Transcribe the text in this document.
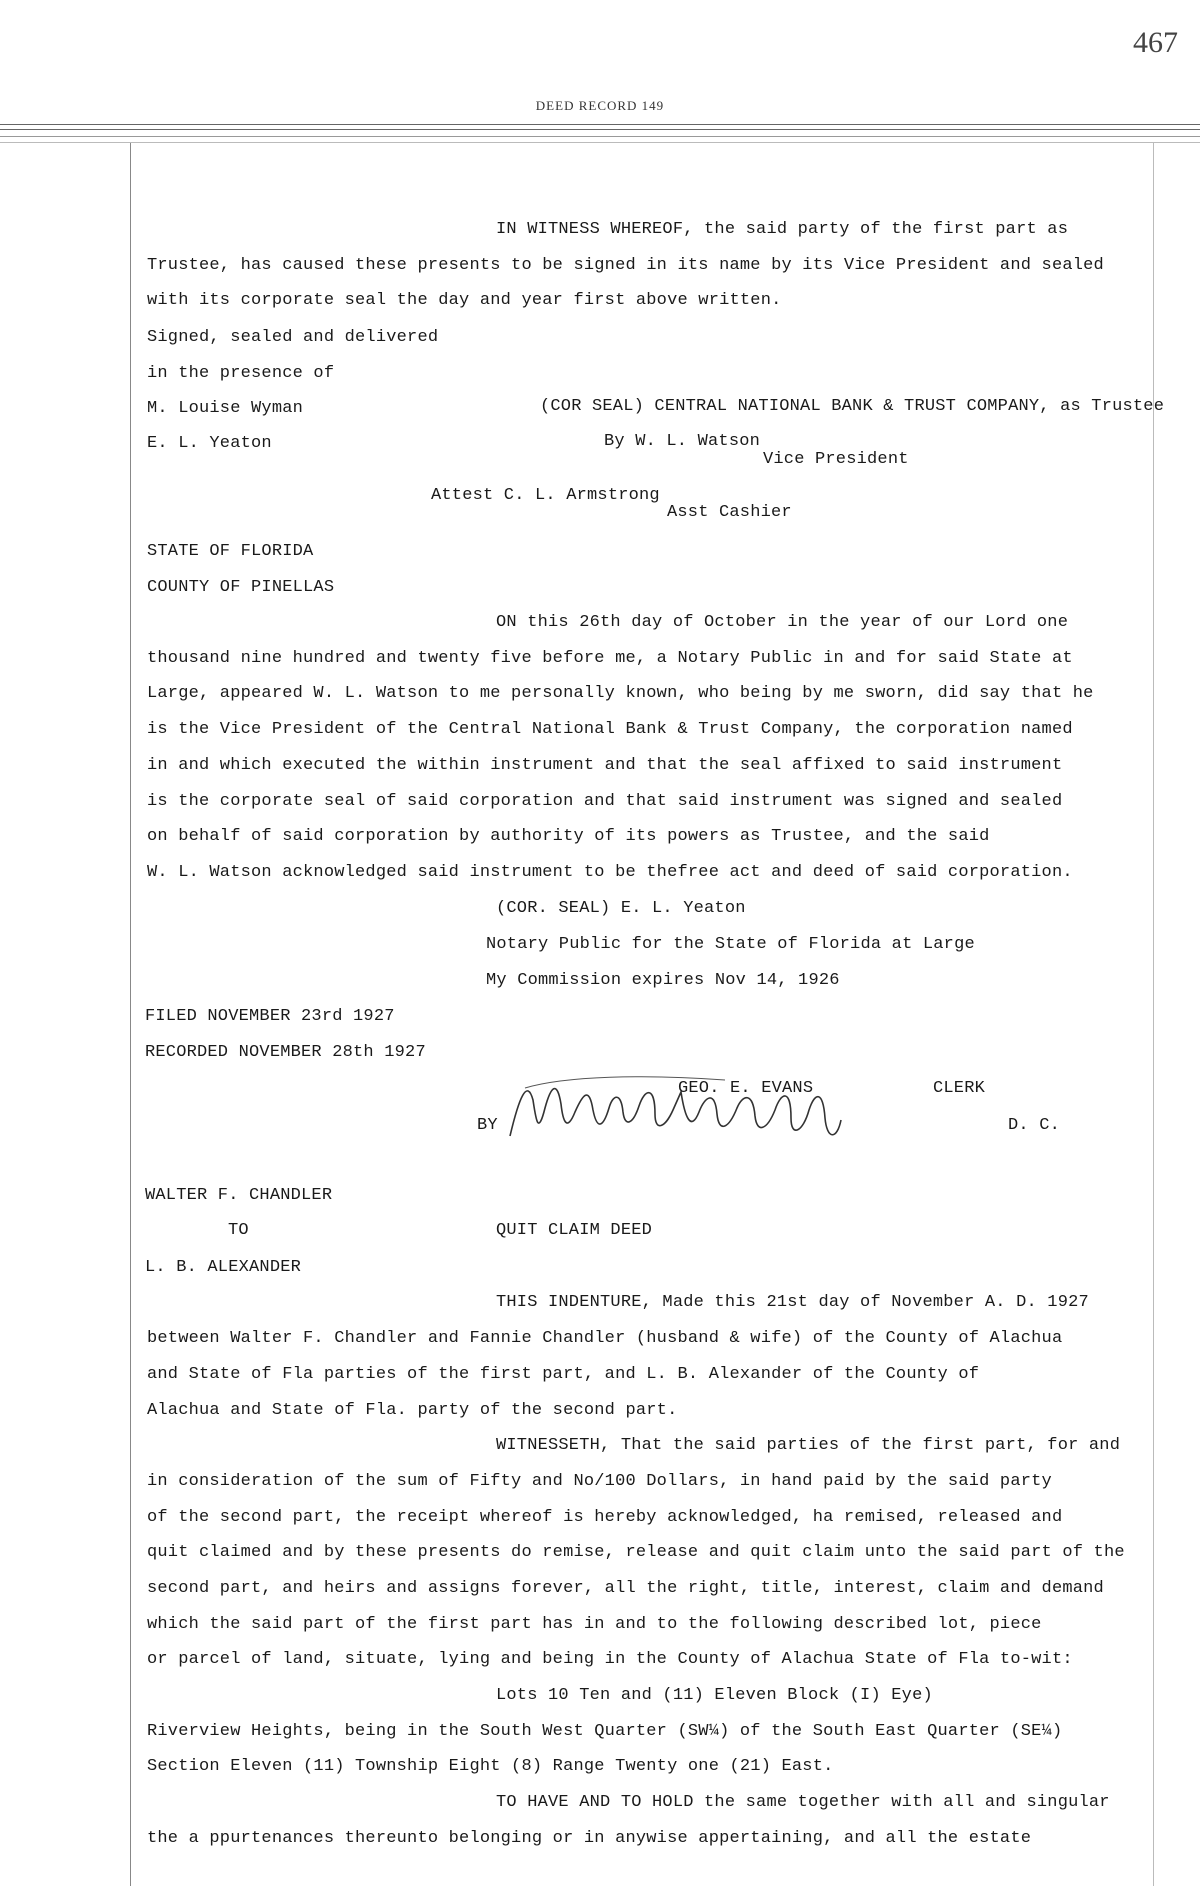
467
DEED RECORD 149
IN WITNESS WHEREOF, the said party of the first part as
Trustee, has caused these presents to be signed in its name by its Vice President and sealed
with its corporate seal the day and year first above written.
Signed, sealed and delivered
in the presence of
M. Louise Wyman	(COR SEAL) CENTRAL NATIONAL BANK & TRUST COMPANY, as Trustee
E. L. Yeaton	By W. L. Watson
Vice President
Attest C. L. Armstrong
Asst Cashier
STATE OF FLORIDA
COUNTY OF PINELLAS
ON this 26th day of October in the year of our Lord one
thousand nine hundred and twenty five before me, a Notary Public in and for said State at
Large, appeared W. L. Watson to me personally known, who being by me sworn, did say that he
is the Vice President of the Central National Bank & Trust Company, the corporation named
in and which executed the within instrument and that the seal affixed to said instrument
is the corporate seal of said corporation and that said instrument was signed and sealed
on behalf of said corporation by authority of its powers as Trustee, and the said
W. L. Watson acknowledged said instrument to be thefree act and deed of said corporation.
(COR. SEAL) E. L. Yeaton
Notary Public for the State of Florida at Large
My Commission expires Nov 14, 1926
FILED NOVEMBER 23rd 1927
RECORDED NOVEMBER 28th 1927
GEO. E. EVANS	CLERK
BY	D. C.
WALTER F. CHANDLER
TO	QUIT CLAIM DEED
L. B. ALEXANDER
THIS INDENTURE, Made this 21st day of November A. D. 1927
between Walter F. Chandler and Fannie Chandler (husband & wife) of the County of Alachua
and State of Fla parties of the first part, and L. B. Alexander of the County of
Alachua and State of Fla. party of the second part.
WITNESSETH, That the said parties of the first part, for and
in consideration of the sum of Fifty and No/100 Dollars, in hand paid by the said party
of the second part, the receipt whereof is hereby acknowledged, ha remised, released and
quit claimed and by these presents do remise, release and quit claim unto the said part of the
second part, and heirs and assigns forever, all the right, title, interest, claim and demand
which the said part of the first part has in and to the following described lot, piece
or parcel of land, situate, lying and being in the County of Alachua State of Fla to-wit:
Lots 10 Ten and (11) Eleven Block (I) Eye)
Riverview Heights, being in the South West Quarter (SW¼) of the South East Quarter (SE¼)
Section Eleven (11) Township Eight (8) Range Twenty one (21) East.
TO HAVE AND TO HOLD the same together with all and singular
the a ppurtenances thereunto belonging or in anywise appertaining, and all the estate
